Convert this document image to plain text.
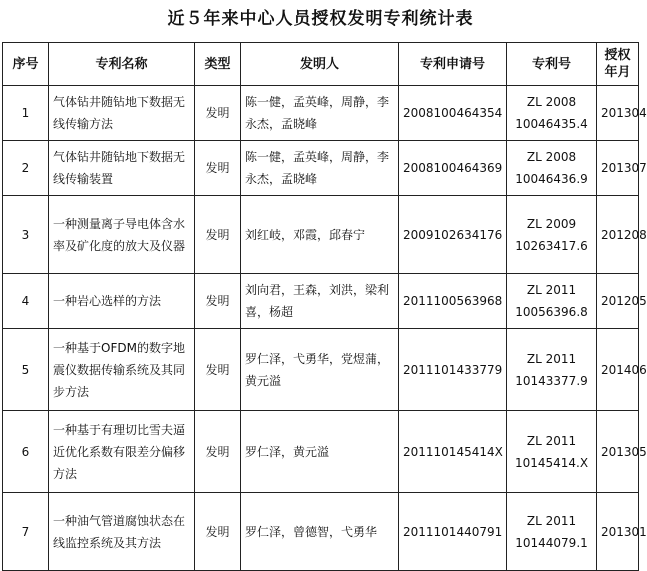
近５年来中心人员授权发明专利统计表
序号	专利名称	类型	发明人	专利申请号	专利号	授权年月
1	气体钻井随钻地下数据无线传输方法	发明	陈一健，孟英峰，周静，李永杰，孟晓峰	2008100464354	ZL 2008 10046435.4	201304
2	气体钻井随钻地下数据无线传输装置	发明	陈一健，孟英峰，周静，李永杰，孟晓峰	2008100464369	ZL 2008 10046436.9	201307
3	一种测量离子导电体含水率及矿化度的放大及仪器	发明	刘红岐，邓霞，邱春宁	2009102634176	ZL 2009 10263417.6	201208
4	一种岩心选样的方法	发明	刘向君，王森，刘洪，梁利喜，杨超	2011100563968	ZL 2011 10056396.8	201205
5	一种基于OFDM的数字地震仪数据传输系统及其同步方法	发明	罗仁泽，弋勇华，党煜蒲，黄元溢	2011101433779	ZL 2011 10143377.9	201406
6	一种基于有理切比雪夫逼近优化系数有限差分偏移方法	发明	罗仁泽，黄元溢	201110145414X	ZL 2011 10145414.X	201305
7	一种油气管道腐蚀状态在线监控系统及其方法	发明	罗仁泽，曾德智，弋勇华	2011101440791	ZL 2011 10144079.1	201301
